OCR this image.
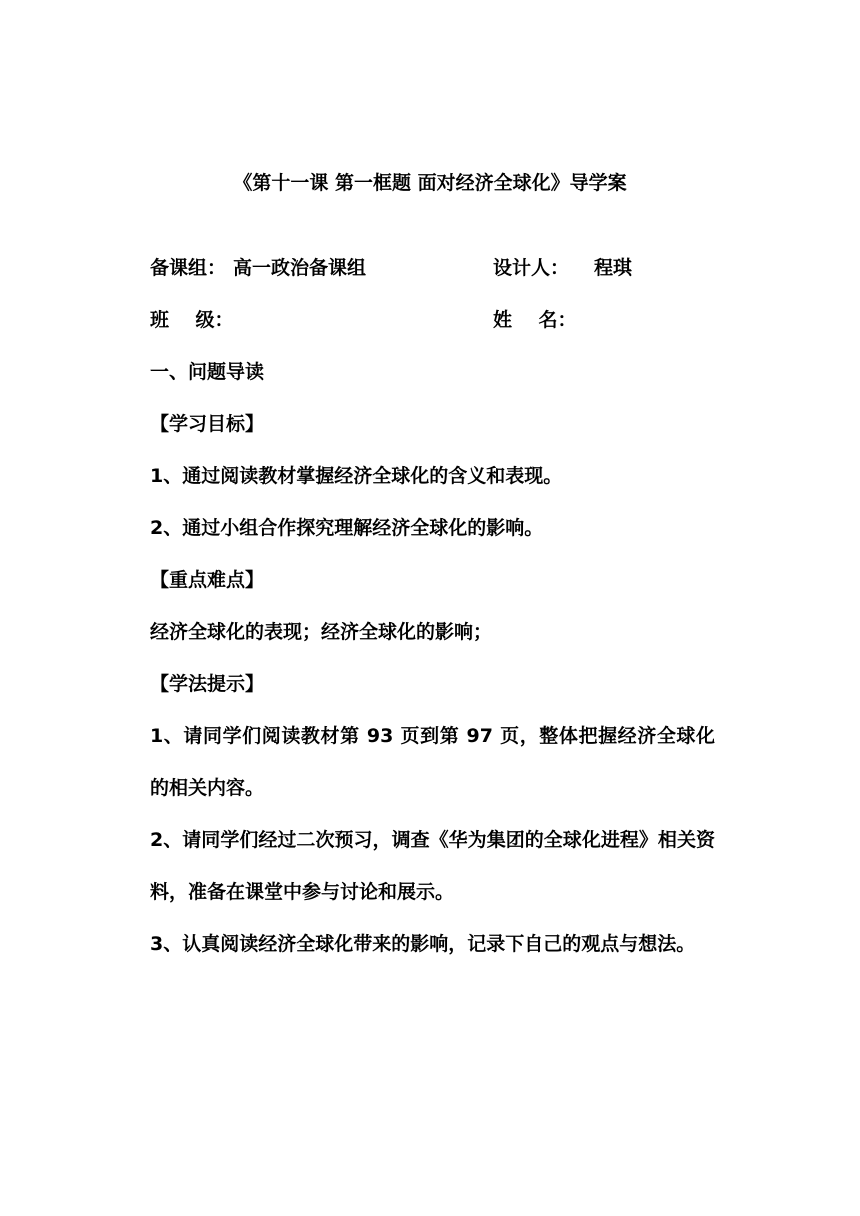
《第十一课 第一框题 面对经济全球化》导学案
备课组： 高一政治备课组	设计人： 程琪
班    级：	姓    名：
一、问题导读
【学习目标】
1、通过阅读教材掌握经济全球化的含义和表现。
2、通过小组合作探究理解经济全球化的影响。
【重点难点】
经济全球化的表现；经济全球化的影响；
【学法提示】
1、请同学们阅读教材第 93 页到第 97 页，整体把握经济全球化的相关内容。
2、请同学们经过二次预习，调查《华为集团的全球化进程》相关资料，准备在课堂中参与讨论和展示。
3、认真阅读经济全球化带来的影响，记录下自己的观点与想法。
